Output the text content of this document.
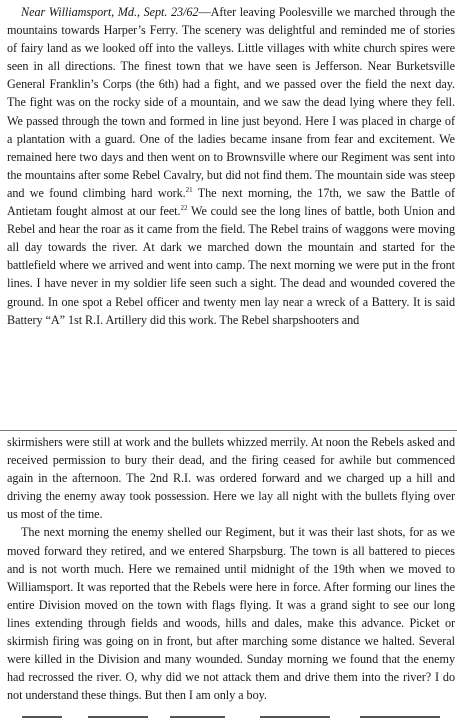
Near Williamsport, Md., Sept. 23/62—After leaving Poolesville we marched through the mountains towards Harper’s Ferry. The scenery was delightful and reminded me of stories of fairy land as we looked off into the valleys. Little villages with white church spires were seen in all directions. The finest town that we have seen is Jefferson. Near Burketsville General Franklin’s Corps (the 6th) had a fight, and we passed over the field the next day. The fight was on the rocky side of a mountain, and we saw the dead lying where they fell. We passed through the town and formed in line just beyond. Here I was placed in charge of a plantation with a guard. One of the ladies became insane from fear and excitement. We remained here two days and then went on to Brownsville where our Regiment was sent into the mountains after some Rebel Cavalry, but did not find them. The mountain side was steep and we found climbing hard work.$^{21}$ The next morning, the 17th, we saw the Battle of Antietam fought almost at our feet.$^{22}$ We could see the long lines of battle, both Union and Rebel and hear the roar as it came from the field. The Rebel trains of waggons were moving all day towards the river. At dark we marched down the mountain and started for the battlefield where we arrived and went into camp. The next morning we were put in the front lines. I have never in my soldier life seen such a sight. The dead and wounded covered the ground. In one spot a Rebel officer and twenty men lay near a wreck of a Battery. It is said Battery “A” 1st R.I. Artillery did this work. The Rebel sharpshooters and

skirmishers were still at work and the bullets whizzed merrily. At noon the Rebels asked and received permission to bury their dead, and the firing ceased for awhile but commenced again in the afternoon. The 2nd R.I. was ordered forward and we charged up a hill and driving the enemy away took possession. Here we lay all night with the bullets flying over us most of the time.

The next morning the enemy shelled our Regiment, but it was their last shots, for as we moved forward they retired, and we entered Sharpsburg. The town is all battered to pieces and is not worth much. Here we remained until midnight of the 19th when we moved to Williamsport. It was reported that the Rebels were here in force. After forming our lines the entire Division moved on the town with flags flying. It was a grand sight to see our long lines extending through fields and woods, hills and dales, make this advance. Picket or skirmish firing was going on in front, but after marching some distance we halted. Several were killed in the Division and many wounded. Sunday morning we found that the enemy had recrossed the river. O, why did we not attack them and drive them into the river? I do not understand these things. But then I am only a boy.
